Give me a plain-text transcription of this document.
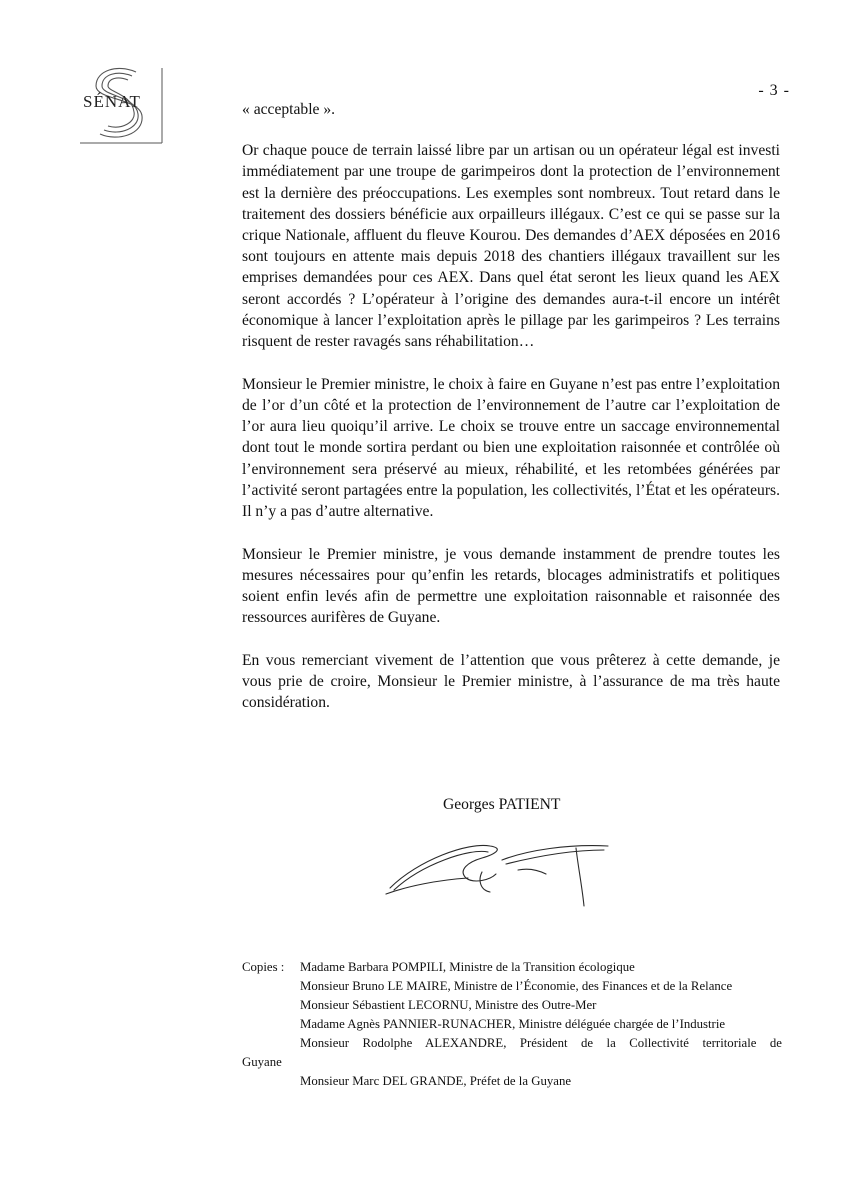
SÉNAT
- 3 -

« acceptable ».

Or chaque pouce de terrain laissé libre par un artisan ou un opérateur légal est investi immédiatement par une troupe de garimpeiros dont la protection de l’environnement est la dernière des préoccupations. Les exemples sont nombreux. Tout retard dans le traitement des dossiers bénéficie aux orpailleurs illégaux. C’est ce qui se passe sur la crique Nationale, affluent du fleuve Kourou. Des demandes d’AEX déposées en 2016 sont toujours en attente mais depuis 2018 des chantiers illégaux travaillent sur les emprises demandées pour ces AEX. Dans quel état seront les lieux quand les AEX seront accordés ? L’opérateur à l’origine des demandes aura-t-il encore un intérêt économique à lancer l’exploitation après le pillage par les garimpeiros ? Les terrains risquent de rester ravagés sans réhabilitation…

Monsieur le Premier ministre, le choix à faire en Guyane n’est pas entre l’exploitation de l’or d’un côté et la protection de l’environnement de l’autre car l’exploitation de l’or aura lieu quoiqu’il arrive. Le choix se trouve entre un saccage environnemental dont tout le monde sortira perdant ou bien une exploitation raisonnée et contrôlée où l’environnement sera préservé au mieux, réhabilité, et les retombées générées par l’activité seront partagées entre la population, les collectivités, l’État et les opérateurs. Il n’y a pas d’autre alternative.

Monsieur le Premier ministre, je vous demande instamment de prendre toutes les mesures nécessaires pour qu’enfin les retards, blocages administratifs et politiques soient enfin levés afin de permettre une exploitation raisonnable et raisonnée des ressources aurifères de Guyane.

En vous remerciant vivement de l’attention que vous prêterez à cette demande, je vous prie de croire, Monsieur le Premier ministre, à l’assurance de ma très haute considération.

Georges PATIENT
Copies : Madame Barbara POMPILI, Ministre de la Transition écologique
Monsieur Bruno LE MAIRE, Ministre de l’Économie, des Finances et de la Relance
Monsieur Sébastient LECORNU, Ministre des Outre-Mer
Madame Agnès PANNIER-RUNACHER, Ministre déléguée chargée de l’Industrie
Monsieur Rodolphe ALEXANDRE, Président de la Collectivité territoriale de
Guyane
Monsieur Marc DEL GRANDE, Préfet de la Guyane
